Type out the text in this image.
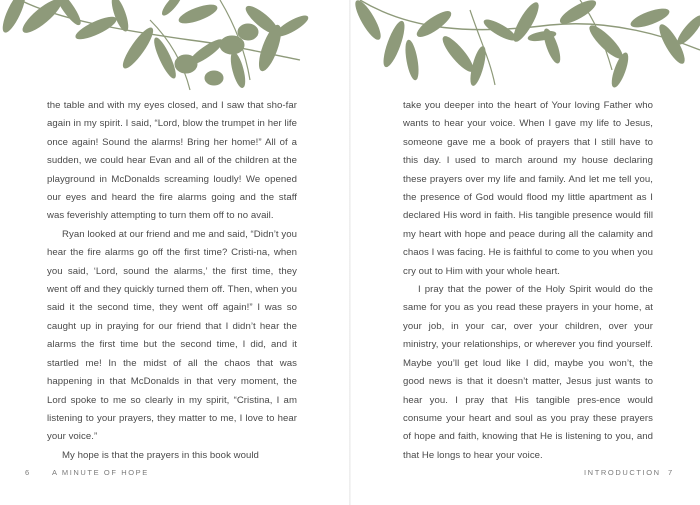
the table and with my eyes closed, and I saw that sho-far again in my spirit. I said, “Lord, blow the trumpet in her life once again! Sound the alarms! Bring her home!” All of a sudden, we could hear Evan and all of the children at the playground in McDonalds screaming loudly! We opened our eyes and heard the fire alarms going and the staff was feverishly attempting to turn them off to no avail.

Ryan looked at our friend and me and said, “Didn’t you hear the fire alarms go off the first time? Cristi-na, when you said, ‘Lord, sound the alarms,’ the first time, they went off and they quickly turned them off. Then, when you said it the second time, they went off again!” I was so caught up in praying for our friend that I didn’t hear the alarms the first time but the second time, I did, and it startled me! In the midst of all the chaos that was happening in that McDonalds in that very moment, the Lord spoke to me so clearly in my spirit, “Cristina, I am listening to your prayers, they matter to me, I love to hear your voice.”

My hope is that the prayers in this book would

6	A MINUTE OF HOPE

take you deeper into the heart of Your loving Father who wants to hear your voice. When I gave my life to Jesus, someone gave me a book of prayers that I still have to this day. I used to march around my house declaring these prayers over my life and family. And let me tell you, the presence of God would flood my little apartment as I declared His word in faith. His tangible presence would fill my heart with hope and peace during all the calamity and chaos I was facing. He is faithful to come to you when you cry out to Him with your whole heart.

I pray that the power of the Holy Spirit would do the same for you as you read these prayers in your home, at your job, in your car, over your children, over your ministry, your relationships, or wherever you find yourself. Maybe you’ll get loud like I did, maybe you won’t, the good news is that it doesn’t matter, Jesus just wants to hear you. I pray that His tangible pres-ence would consume your heart and soul as you pray these prayers of hope and faith, knowing that He is listening to you, and that He longs to hear your voice.

INTRODUCTION 7
